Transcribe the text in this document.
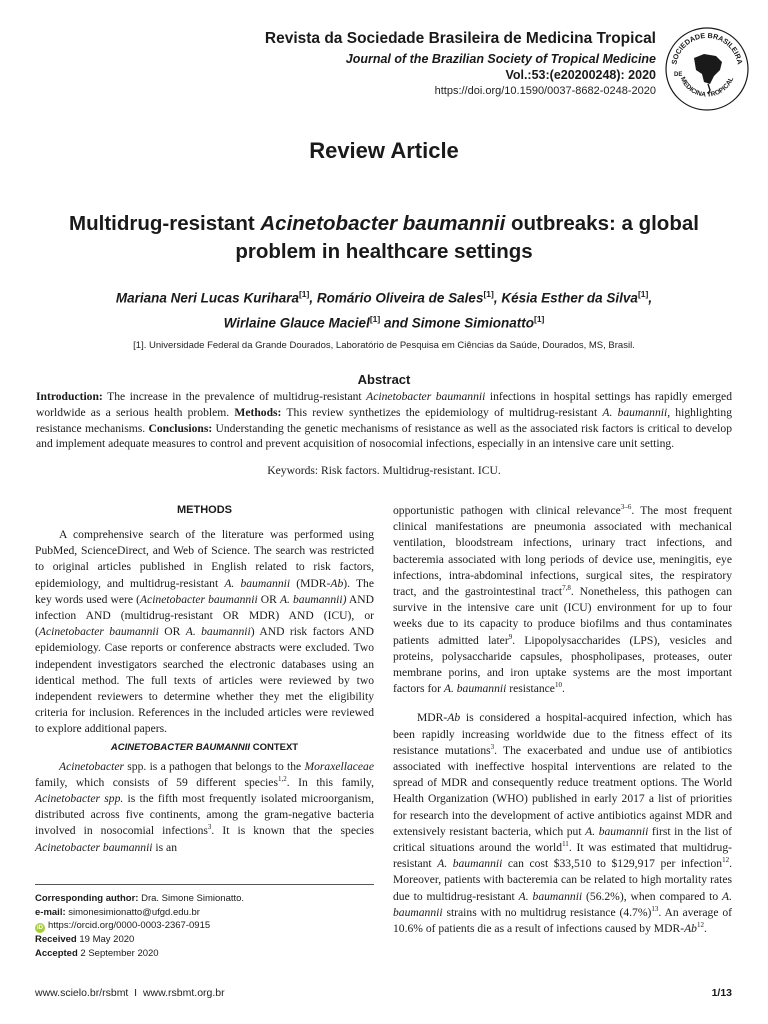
Revista da Sociedade Brasileira de Medicina Tropical
Journal of the Brazilian Society of Tropical Medicine
Vol.:53:(e20200248): 2020
https://doi.org/10.1590/0037-8682-0248-2020
SOCIEDADE BRASILEIRA
MEDICINA TROPICAL
DE
Review Article
Multidrug-resistant Acinetobacter baumannii outbreaks: a global problem in healthcare settings
Mariana Neri Lucas Kurihara[1], Romário Oliveira de Sales[1], Késia Esther da Silva[1],
Wirlaine Glauce Maciel[1] and Simone Simionatto[1]
[1]. Universidade Federal da Grande Dourados, Laboratório de Pesquisa em Ciências da Saúde, Dourados, MS, Brasil.
Abstract
Introduction: The increase in the prevalence of multidrug-resistant Acinetobacter baumannii infections in hospital settings has rapidly emerged worldwide as a serious health problem. Methods: This review synthetizes the epidemiology of multidrug-resistant A. baumannii, highlighting resistance mechanisms. Conclusions: Understanding the genetic mechanisms of resistance as well as the associated risk factors is critical to develop and implement adequate measures to control and prevent acquisition of nosocomial infections, especially in an intensive care unit setting.
Keywords: Risk factors. Multidrug-resistant. ICU.
METHODS

A comprehensive search of the literature was performed using PubMed, ScienceDirect, and Web of Science. The search was restricted to original articles published in English related to risk factors, epidemiology, and multidrug-resistant A. baumannii (MDR-Ab). The key words used were (Acinetobacter baumannii OR A. baumannii) AND infection AND (multidrug-resistant OR MDR) AND (ICU), or (Acinetobacter baumannii OR A. baumannii) AND risk factors AND epidemiology. Case reports or conference abstracts were excluded. Two independent investigators searched the electronic databases using an identical method. The full texts of articles were reviewed by two independent reviewers to determine whether they met the eligibility criteria for inclusion. References in the included articles were reviewed to explore additional papers.

ACINETOBACTER BAUMANNII CONTEXT

Acinetobacter spp. is a pathogen that belongs to the Moraxellaceae family, which consists of 59 different species$^{1,2}$. In this family, Acinetobacter spp. is the fifth most frequently isolated microorganism, distributed across five continents, among the gram-negative bacteria involved in nosocomial infections$^3$. It is known that the species Acinetobacter baumannii is an

opportunistic pathogen with clinical relevance$^{3-6}$. The most frequent clinical manifestations are pneumonia associated with mechanical ventilation, bloodstream infections, urinary tract infections, and bacteremia associated with long periods of device use, meningitis, eye infections, intra-abdominal infections, surgical sites, the respiratory tract, and the gastrointestinal tract$^{7,8}$. Nonetheless, this pathogen can survive in the intensive care unit (ICU) environment for up to four weeks due to its capacity to produce biofilms and thus contaminates patients admitted later$^9$. Lipopolysaccharides (LPS), vesicles and proteins, polysaccharide capsules, phospholipases, proteases, outer membrane porins, and iron uptake systems are the most important factors for A. baumannii resistance$^{10}$.

MDR-Ab is considered a hospital-acquired infection, which has been rapidly increasing worldwide due to the fitness effect of its resistance mutations$^3$. The exacerbated and undue use of antibiotics associated with ineffective hospital interventions are related to the spread of MDR and consequently reduce treatment options. The World Health Organization (WHO) published in early 2017 a list of priorities for research into the development of active antibiotics against MDR and extensively resistant bacteria, which put A. baumannii first in the list of critical situations around the world$^{11}$. It was estimated that multidrug-resistant A. baumannii can cost $33,510 to $129,917 per infection$^{12}$. Moreover, patients with bacteremia can be related to high mortality rates due to multidrug-resistant A. baumannii (56.2%), when compared to A. baumannii strains with no multidrug resistance $(4.7\%)^{13}$. An average of 10.6% of patients die as a result of infections caused by MDR-Ab$^{12}$.

Corresponding author: Dra. Simone Simionatto.
e-mail: simonesimionatto@ufgd.edu.br
iD https://orcid.org/0000-0003-2367-0915
Received 19 May 2020
Accepted 2 September 2020
www.scielo.br/rsbmt  I  www.rsbmt.org.br	1/13
